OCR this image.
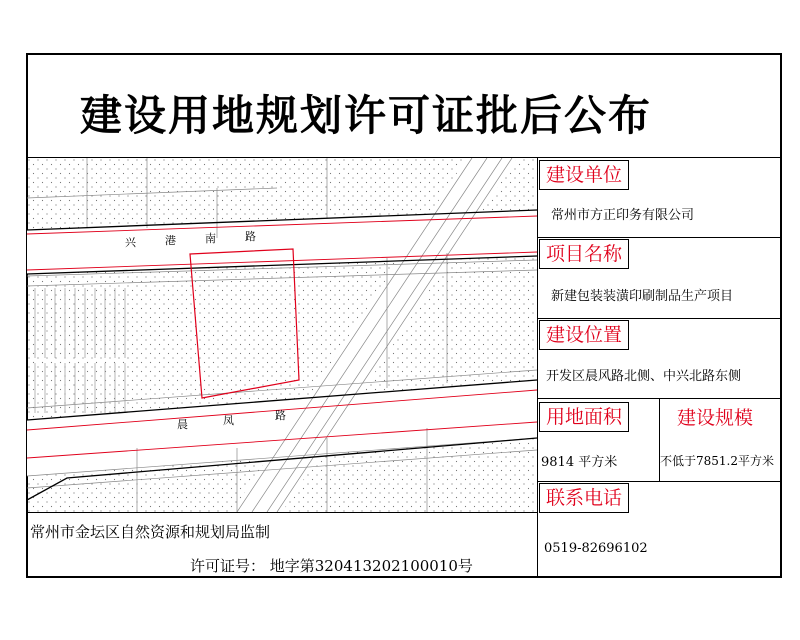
建设用地规划许可证批后公布
兴	港	南	路
晨	凤	路
建设单位
常州市方正印务有限公司
项目名称
新建包装装潢印刷制品生产项目
建设位置
开发区晨风路北侧、中兴北路东侧
用地面积
9814 平方米
建设规模
不低于7851.2平方米
联系电话
0519-82696102
常州市金坛区自然资源和规划局监制
许可证号： 地字第320413202100010号
